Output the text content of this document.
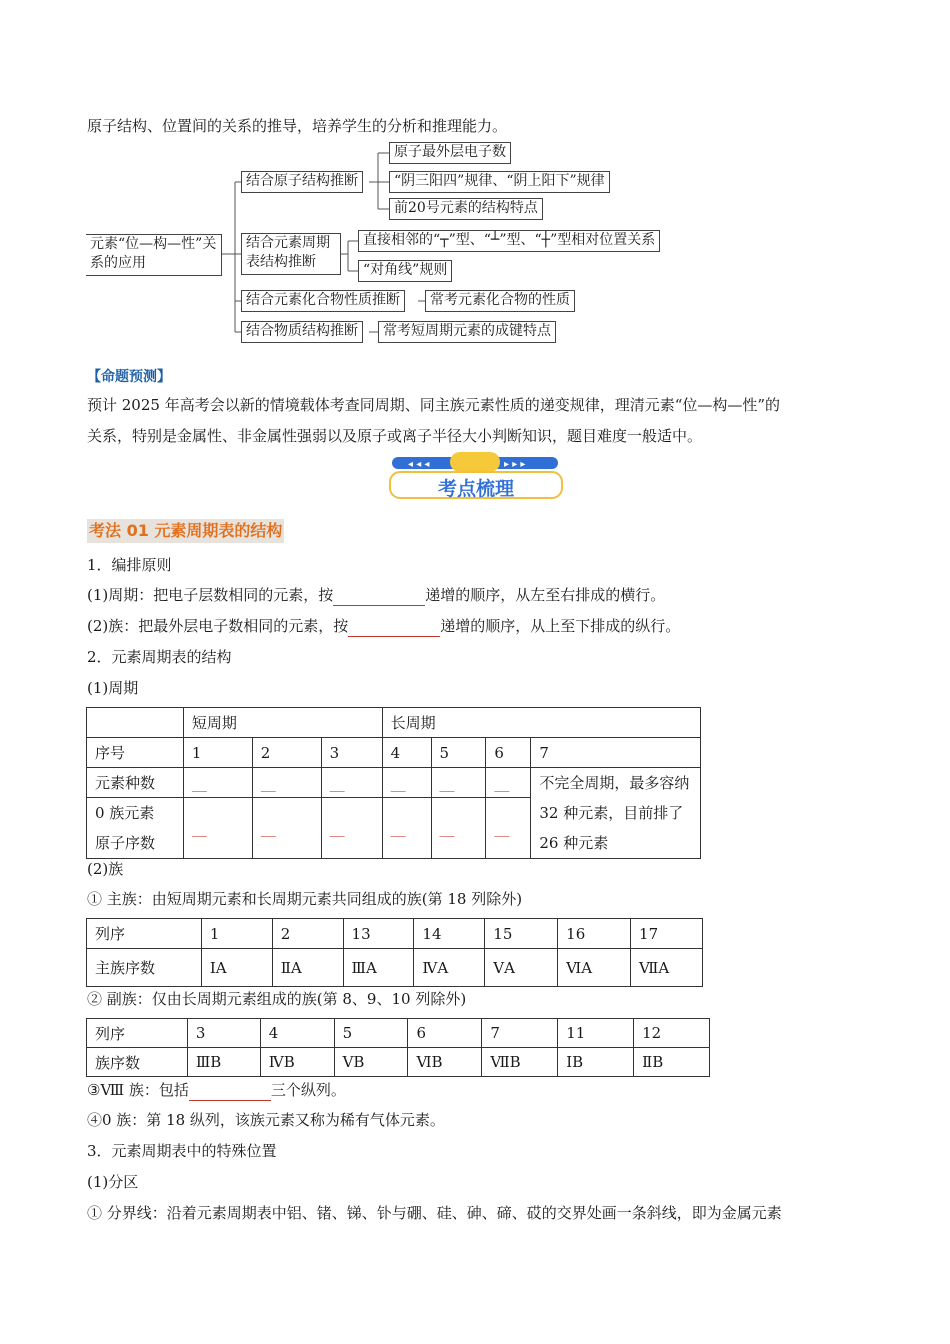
原子结构、位置间的关系的推导，培养学生的分析和推理能力。
元素“位—构—性”关系的应用
结合原子结构推断
原子最外层电子数
“阴三阳四”规律、“阴上阳下”规律
前20号元素的结构特点
结合元素周期表结构推断
直接相邻的“┬”型、“┴”型、“┼”型相对位置关系
“对角线”规则
结合元素化合物性质推断	常考元素化合物的性质
结合物质结构推断	常考短周期元素的成键特点
【命题预测】
预计 2025 年高考会以新的情境载体考查同周期、同主族元素性质的递变规律，理清元素“位—构—性”的
关系，特别是金属性、非金属性强弱以及原子或离子半径大小判断知识，题目难度一般适中。
◂ ◂ ◂	▸ ▸ ▸
考点梳理
考法 01 元素周期表的结构
1．编排原则
(1)周期：把电子层数相同的元素，按	递增的顺序，从左至右排成的横行。
(2)族：把最外层电子数相同的元素，按	递增的顺序，从上至下排成的纵行。
2．元素周期表的结构
(1)周期
	短周期			长周期			
序号	1	2	3	4	5	6	7
元素种数	__	__	__	__	__	__	不完全周期，最多容纳 32 种元素，目前排了 26 种元素
0 族元素
原子序数	__	__	__	__	__	__	
(2)族
① 主族：由短周期元素和长周期元素共同组成的族(第 18 列除外)
列序	1	2	13	14	15	16	17
主族序数	ⅠA	ⅡA	ⅢA	ⅣA	ⅤA	ⅥA	ⅦA
② 副族：仅由长周期元素组成的族(第 8、9、10 列除外)
列序	3	4	5	6	7	11	12
族序数	ⅢB	ⅣB	ⅤB	ⅥB	ⅦB	ⅠB	ⅡB
③Ⅷ 族：包括	三个纵列。
④0 族：第 18 纵列，该族元素又称为稀有气体元素。
3．元素周期表中的特殊位置
(1)分区
① 分界线：沿着元素周期表中铝、锗、锑、钋与硼、硅、砷、碲、砹的交界处画一条斜线，即为金属元素
